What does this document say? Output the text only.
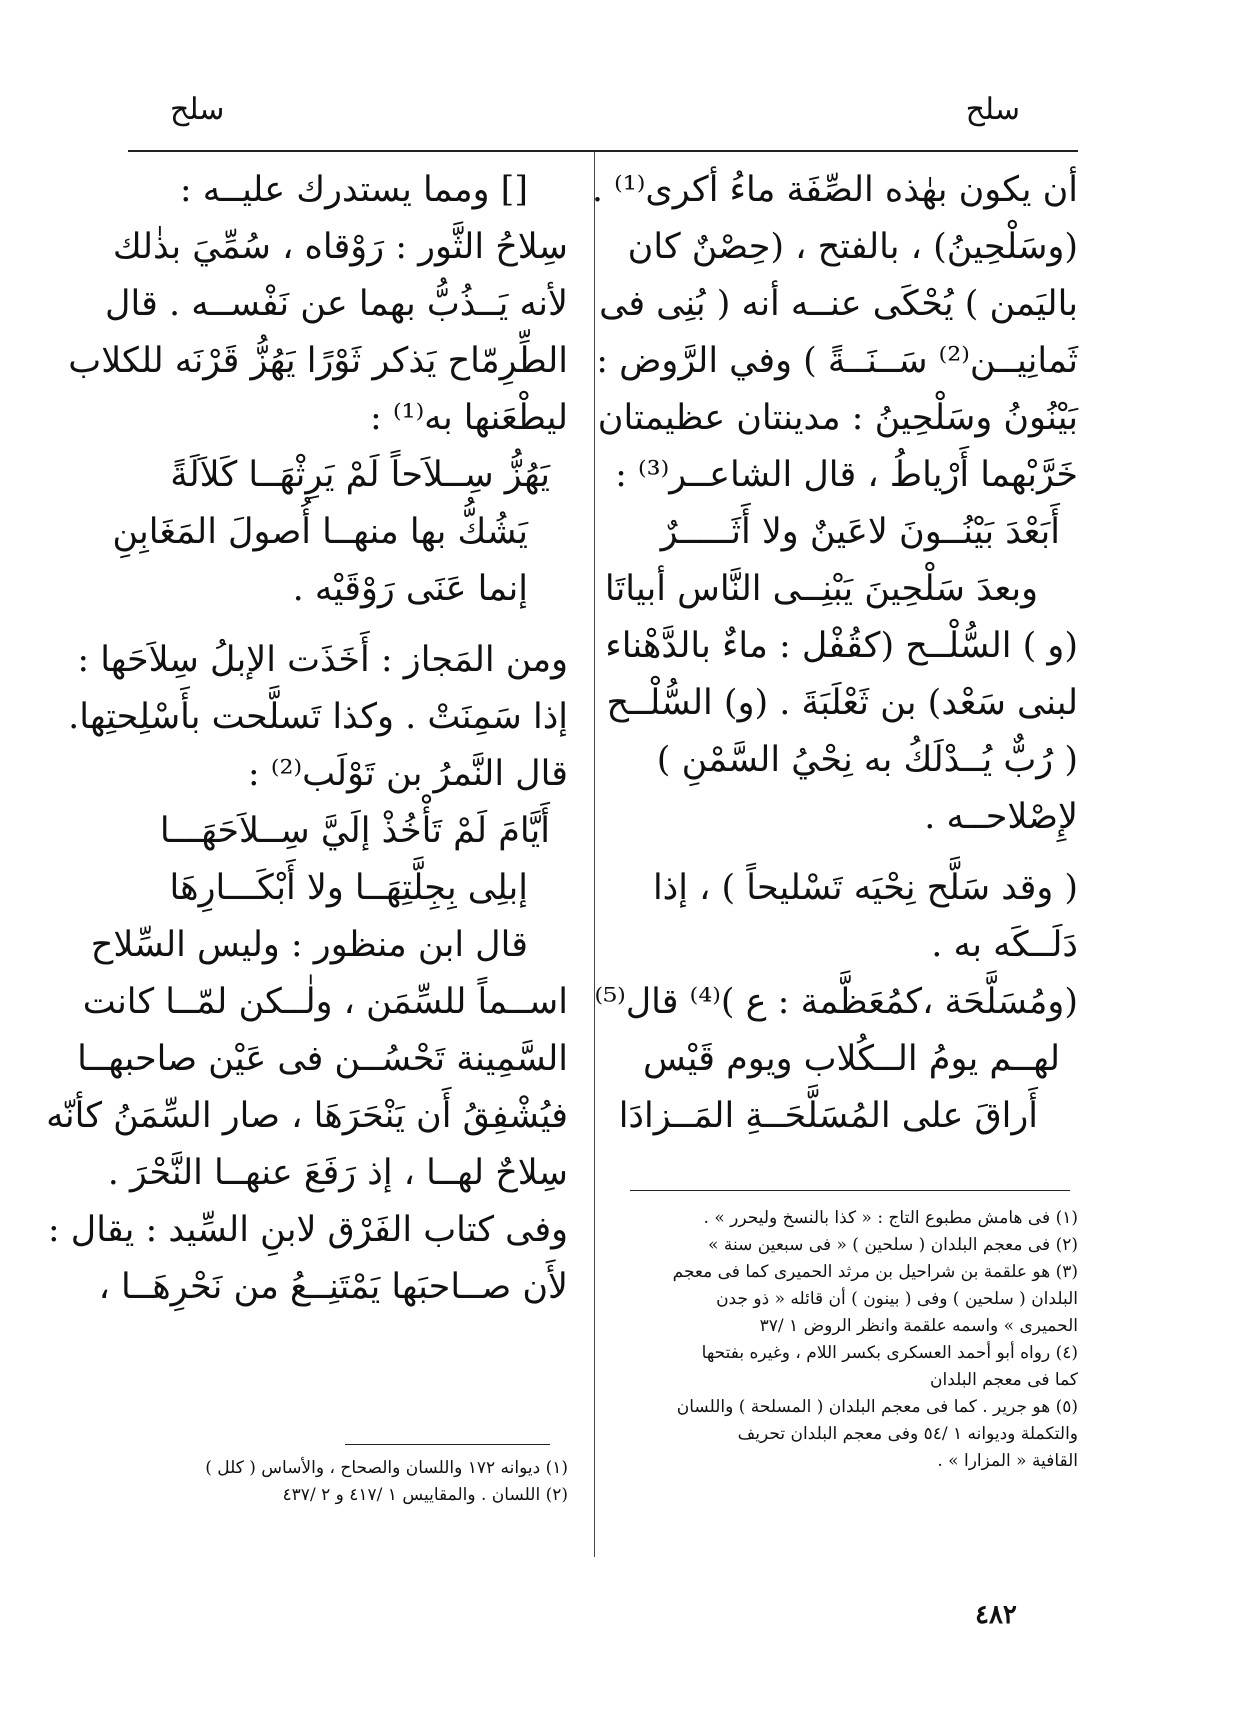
سلح
سلح
أن يكون بهٰذه الصِّفَة ماءُ أكرى⁽¹⁾ .
(وسَلْحِينُ) ، بالفتح ، (حِصْنٌ كان
باليَمن ) يُحْكَى عنــه أنه ( بُنِى فى
ثَمانِيــن⁽²⁾ سَــنَــةً ) وفي الرَّوض :
بَيْنُونُ وسَلْحِينُ : مدينتان عظيمتان
خَرَّبْهما أَرْياطُ ، قال الشاعــر⁽³⁾ :
أَبَعْدَ بَيْنُــونَ لاعَينٌ ولا أَثَـــــرٌ
وبعدَ سَلْحِينَ يَبْنِــى النَّاس أبياتَا
(و ) السُّلْــح (كقُفْل : ماءٌ بالدَّهْناء
لبنى سَعْد) بن ثَعْلَبَةَ . (و) السُّلْــح
( رُبٌّ يُــدْلَكُ به نِحْيُ السَّمْنِ )
لإِصْلاحــه .
( وقد سَلَّح نِحْيَه تَسْليحاً ) ، إذا
دَلَــكَه به .
(ومُسَلَّحَة ،كمُعَظَّمة : ع )⁽⁴⁾ قال⁽⁵⁾
لهــم يومُ الــكُلاب ويوم قَيْس
أَراقَ على المُسَلَّحَــةِ المَــزادَا
[] ومما يستدرك عليــه :
سِلاحُ الثَّور : رَوْقاه ، سُمِّيَ بذٰلك
لأنه يَــذُبُّ بهما عن نَفْســه . قال
الطِّرِمّاح يَذكر ثَوْرًا يَهُزُّ قَرْنَه للكلاب
ليطْعَنها به⁽¹⁾ :
يَهُزُّ سِــلاَحاً لَمْ يَرِثْهَــا كَلاَلَةً
يَشُكُّ بها منهــا أُصولَ المَغَابِنِ
إنما عَنَى رَوْقَيْه .
ومن المَجاز : أَخَذَت الإبلُ سِلاَحَها :
إذا سَمِنَتْ . وكذا تَسلَّحت بأَسْلِحتِها.
قال النَّمرُ بن تَوْلَب⁽²⁾ :
أَيَّامَ لَمْ تَأْخُذْ إلَيَّ سِــلاَحَهَـــا
إبلِى بِجِلَّتِهَــا ولا أَبْكَـــارِهَا
قال ابن منظور : وليس السِّلاح
اســماً للسِّمَن ، ولٰــكن لمّــا كانت
السَّمِينة تَحْسُــن فى عَيْن صاحبهــا
فيُشْفِقُ أَن يَنْحَرَهَا ، صار السِّمَنُ كأنّه
سِلاحٌ لهــا ، إذ رَفَعَ عنهــا النَّحْرَ .
وفى كتاب الفَرْق لابنِ السِّيد : يقال :
لأَن صــاحبَها يَمْتَنِــعُ من نَحْرِهَــا ،
(١) فى هامش مطبوع التاج : « كذا بالنسخ وليحرر » .
(٢) فى معجم البلدان ( سلحين ) « فى سبعين سنة »
(٣) هو علقمة بن شراحيل بن مرثد الحميرى كما فى معجم
البلدان ( سلحين ) وفى ( بينون ) أن قائله « ذو جدن
الحميرى » واسمه علقمة وانظر الروض ١ /٣٧
(٤) رواه أبو أحمد العسكرى بكسر اللام ، وغيره بفتحها
كما فى معجم البلدان
(٥) هو جرير . كما فى معجم البلدان ( المسلحة ) واللسان
والتكملة وديوانه ١ /٥٤ وفى معجم البلدان تحريف
القافية « المزارا » .
(١) ديوانه ١٧٢ واللسان والصحاح ، والأساس ( كلل )
(٢) اللسان . والمقاييس ١ /٤١٧ و ٢ /٤٣٧
٤٨٢
